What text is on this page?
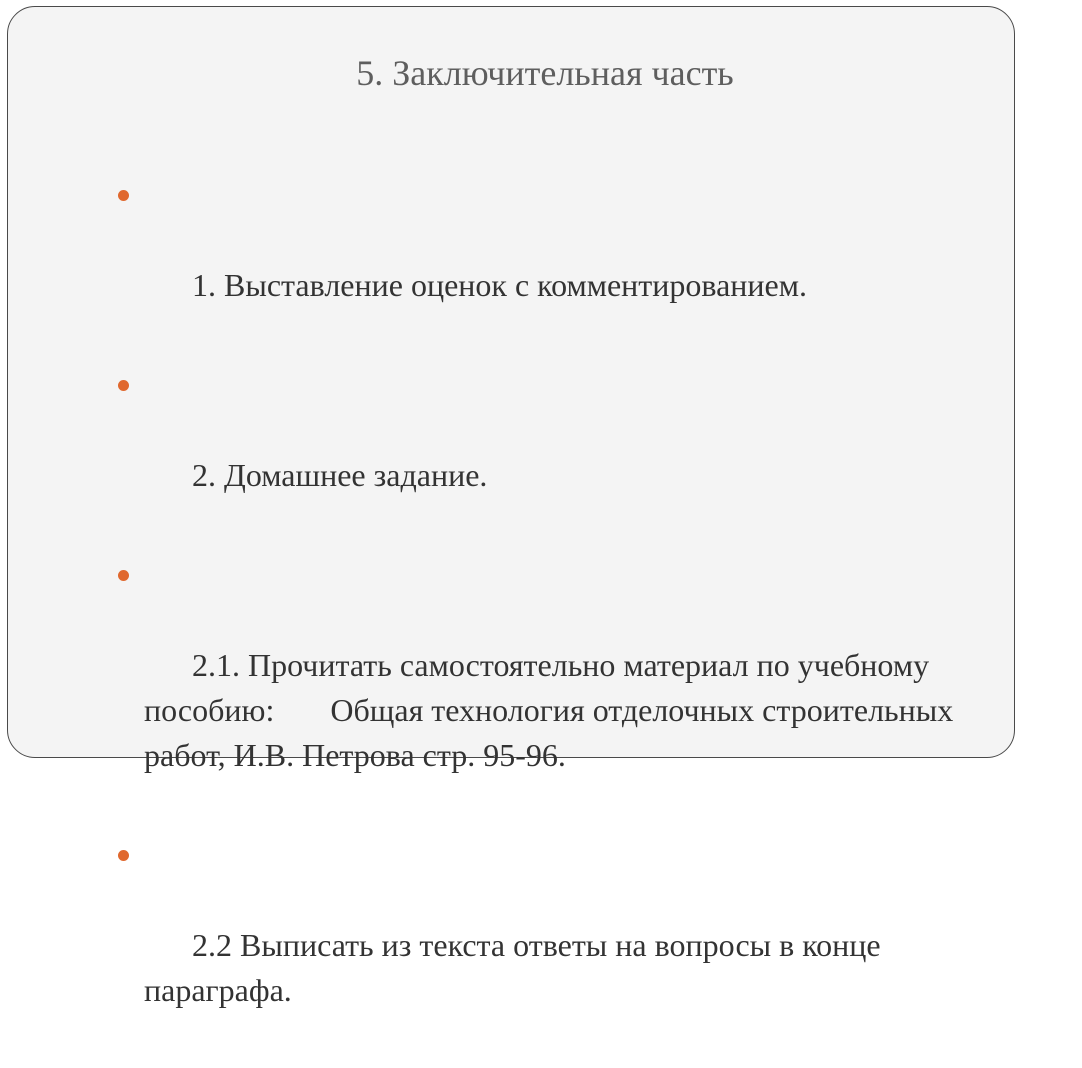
5. Заключительная часть

1. Выставление оценок с комментированием.

2. Домашнее задание.

2.1. Прочитать самостоятельно материал по учебному пособию:       Общая технология отделочных строительных работ, И.В. Петрова стр. 95-96.

2.2 Выписать из текста ответы на вопросы в конце параграфа.
